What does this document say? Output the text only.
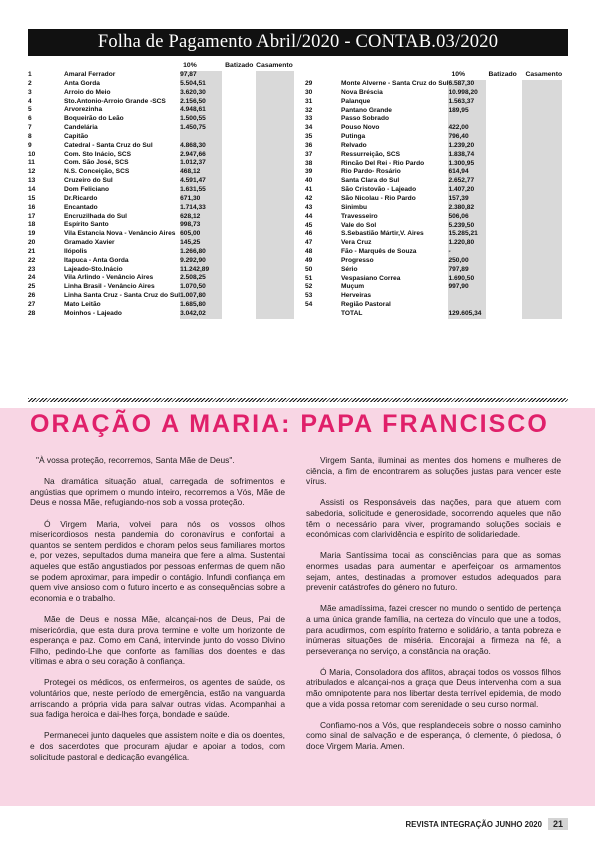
Folha de Pagamento Abril/2020 - CONTAB.03/2020
		10%	Batizado	Casamento
1	Amaral Ferrador	97,87		
2	Anta Gorda	5.504,51		
3	Arroio do Meio	3.620,30		
4	Sto.Antonio-Arroio Grande -SCS	2.156,50		
5	Arvorezinha	4.948,61		
6	Boqueirão do Leão	1.500,55		
7	Candelária	1.450,75		
8	Capitão			
9	Catedral - Santa Cruz do Sul	4.868,30		
10	Com. Sto Inácio, SCS	2.947,66		
11	Com. São José, SCS	1.012,37		
12	N.S. Conceição, SCS	468,12		
13	Cruzeiro do Sul	4.591,47		
14	Dom Feliciano	1.631,55		
15	Dr.Ricardo	671,30		
16	Encantado	1.714,33		
17	Encruzilhada do Sul	628,12		
18	Espírito Santo	998,73		
19	Vila Estancia Nova - Venâncio Aires	605,00		
20	Gramado Xavier	145,25		
21	Ilópolis	1.266,80		
22	Itapuca - Anta Gorda	9.292,90		
23	Lajeado-Sto.Inácio	11.242,89		
24	Vila Arlindo - Venâncio Aires	2.508,25		
25	Linha Brasil - Venâncio Aires	1.070,50		
26	Linha Santa Cruz - Santa Cruz do Sul	1.007,80		
27	Mato Leitão	1.685,80		
28	Moinhos - Lajeado	3.042,02		
		10%	Batizado	Casamento
29	Monte Alverne - Santa Cruz do Sul	6.587,30		
30	Nova Bréscia	10.998,20		
31	Palanque	1.563,37		
32	Pantano Grande	189,95		
33	Passo Sobrado			
34	Pouso Novo	422,00		
35	Putinga	796,40		
36	Relvado	1.239,20		
37	Ressurreição, SCS	1.838,74		
38	Rincão Del Rei - Rio Pardo	1.300,95		
39	Rio Pardo- Rosário	614,94		
40	Santa Clara do Sul	2.652,77		
41	São Cristovão - Lajeado	1.407,20		
42	São Nicolau - Rio Pardo	157,39		
43	Sinimbu	2.380,82		
44	Travesseiro	506,06		
45	Vale do Sol	5.239,50		
46	S.Sebastião Mártir,V. Aires	15.285,21		
47	Vera Cruz	1.220,80		
48	Fão - Marquês de Souza	-		
49	Progresso	250,00		
50	Sério	797,89		
51	Vespasiano Correa	1.690,50		
52	Muçum	997,90		
53	Herveiras			
54	Região Pastoral			
	TOTAL	129.605,34		
ORAÇÃO A MARIA: PAPA FRANCISCO

"À vossa proteção, recorremos, Santa Mãe de Deus".

Na dramática situação atual, carregada de sofrimentos e angústias que oprimem o mundo inteiro, recorremos a Vós, Mãe de Deus e nossa Mãe, refugiando-nos sob a vossa proteção.

Ó Virgem Maria, volvei para nós os vossos olhos misericordiosos nesta pandemia do coronavírus e confortai a quantos se sentem perdidos e choram pelos seus familiares mortos e, por vezes, sepultados duma maneira que fere a alma. Sustentai aqueles que estão angustiados por pessoas enfermas de quem não se podem aproximar, para impedir o contágio. Infundi confiança em quem vive ansioso com o futuro incerto e as consequências sobre a economia e o trabalho.

Mãe de Deus e nossa Mãe, alcançai-nos de Deus, Pai de misericórdia, que esta dura prova termine e volte um horizonte de esperança e paz. Como em Caná, intervinde junto do vosso Divino Filho, pedindo-Lhe que conforte as famílias dos doentes e das vítimas e abra o seu coração à confiança.

Protegei os médicos, os enfermeiros, os agentes de saúde, os voluntários que, neste período de emergência, estão na vanguarda arriscando a própria vida para salvar outras vidas. Acompanhai a sua fadiga heroica e dai-lhes força, bondade e saúde.

Permanecei junto daqueles que assistem noite e dia os doentes, e dos sacerdotes que procuram ajudar e apoiar a todos, com solicitude pastoral e dedicação evangélica.

Virgem Santa, iluminai as mentes dos homens e mulheres de ciência, a fim de encontrarem as soluções justas para vencer este vírus.

Assisti os Responsáveis das nações, para que atuem com sabedoria, solicitude e generosidade, socorrendo aqueles que não têm o necessário para viver, programando soluções sociais e económicas com clarividência e espírito de solidariedade.

Maria Santíssima tocai as consciências para que as somas enormes usadas para aumentar e aperfeiçoar os armamentos sejam, antes, destinadas a promover estudos adequados para prevenir catástrofes do género no futuro.

Mãe amadíssima, fazei crescer no mundo o sentido de pertença a uma única grande família, na certeza do vínculo que une a todos, para acudirmos, com espírito fraterno e solidário, a tanta pobreza e inúmeras situações de miséria. Encorajai a firmeza na fé, a perseverança no serviço, a constância na oração.

Ó Maria, Consoladora dos aflitos, abraçai todos os vossos filhos atribulados e alcançai-nos a graça que Deus intervenha com a sua mão omnipotente para nos libertar desta terrível epidemia, de modo que a vida possa retomar com serenidade o seu curso normal.

Confiamo-nos a Vós, que resplandeceis sobre o nosso caminho como sinal de salvação e de esperança, ó clemente, ó piedosa, ó doce Virgem Maria. Amen.

REVISTA INTEGRAÇÃO JUNHO 2020	21
